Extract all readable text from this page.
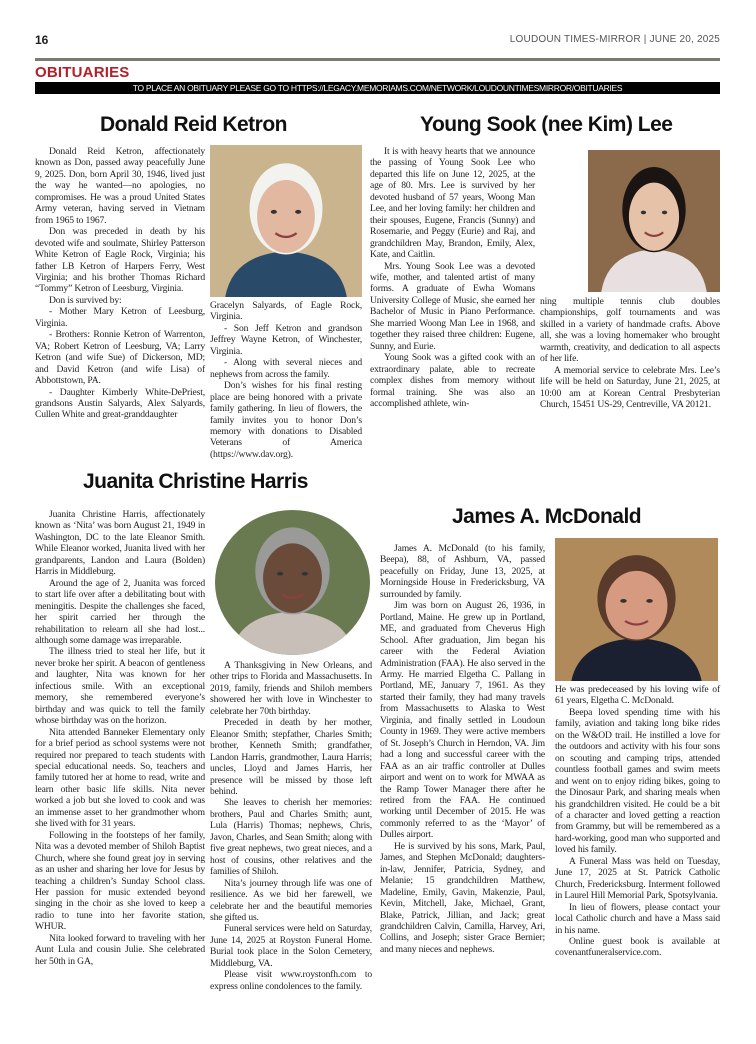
16	LOUDOUN TIMES-MIRROR | JUNE 20, 2025
OBITUARIES
TO PLACE AN OBITUARY PLEASE GO TO HTTPS://LEGACY.MEMORIAMS.COM/NETWORK/LOUDOUNTIMESMIRROR/OBITUARIES
Donald Reid Ketron

Donald Reid Ketron, affectionately known as Don, passed away peacefully June 9, 2025. Don, born April 30, 1946, lived just the way he wanted—no apologies, no compromises. He was a proud United States Army veteran, having served in Vietnam from 1965 to 1967.

Don was preceded in death by his devoted wife and soulmate, Shirley Patterson White Ketron of Eagle Rock, Virginia; his father LB Ketron of Harpers Ferry, West Virginia; and his brother Thomas Richard “Tommy” Ketron of Leesburg, Virginia.

Don is survived by:

- Mother Mary Ketron of Leesburg, Virginia.

- Brothers: Ronnie Ketron of Warrenton, VA; Robert Ketron of Leesburg, VA; Larry Ketron (and wife Sue) of Dickerson, MD; and David Ketron (and wife Lisa) of Abbottstown, PA.

- Daughter Kimberly White-DePriest, grandsons Austin Salyards, Alex Salyards, Cullen White and great-granddaughter

Gracelyn Salyards, of Eagle Rock, Virginia.

- Son Jeff Ketron and grandson Jeffrey Wayne Ketron, of Winchester, Virginia.

- Along with several nieces and nephews from across the family.

Don’s wishes for his final resting place are being honored with a private family gathering. In lieu of flowers, the family invites you to honor Don’s memory with donations to Disabled Veterans of America (https://www.dav.org).

Young Sook (nee Kim) Lee

It is with heavy hearts that we announce the passing of Young Sook Lee who departed this life on June 12, 2025, at the age of 80. Mrs. Lee is survived by her devoted husband of 57 years, Woong Man Lee, and her loving family: her children and their spouses, Eugene, Francis (Sunny) and Rosemarie, and Peggy (Eurie) and Raj, and grandchildren May, Brandon, Emily, Alex, Kate, and Caitlin.

Mrs. Young Sook Lee was a devoted wife, mother, and talented artist of many forms. A graduate of Ewha Womans University College of Music, she earned her Bachelor of Music in Piano Performance. She married Woong Man Lee in 1968, and together they raised three children: Eugene, Sunny, and Eurie.

Young Sook was a gifted cook with an extraordinary palate, able to recreate complex dishes from memory without formal training. She was also an accomplished athlete, win-

ning multiple tennis club doubles championships, golf tournaments and was skilled in a variety of handmade crafts. Above all, she was a loving homemaker who brought warmth, creativity, and dedication to all aspects of her life.

A memorial service to celebrate Mrs. Lee’s life will be held on Saturday, June 21, 2025, at 10:00 am at Korean Central Presbyterian Church, 15451 US-29, Centreville, VA 20121.

Juanita Christine Harris

Juanita Christine Harris, affectionately known as ‘Nita’ was born August 21, 1949 in Washington, DC to the late Eleanor Smith. While Eleanor worked, Juanita lived with her grandparents, Landon and Laura (Bolden) Harris in Middleburg.

Around the age of 2, Juanita was forced to start life over after a debilitating bout with meningitis. Despite the challenges she faced, her spirit carried her through the rehabilitation to relearn all she had lost... although some damage was irreparable.

The illness tried to steal her life, but it never broke her spirit. A beacon of gentleness and laughter, Nita was known for her infectious smile. With an exceptional memory, she remembered everyone’s birthday and was quick to tell the family whose birthday was on the horizon.

Nita attended Banneker Elementary only for a brief period as school systems were not required nor prepared to teach students with special educational needs. So, teachers and family tutored her at home to read, write and learn other basic life skills. Nita never worked a job but she loved to cook and was an immense asset to her grandmother whom she lived with for 31 years.

Following in the footsteps of her family, Nita was a devoted member of Shiloh Baptist Church, where she found great joy in serving as an usher and sharing her love for Jesus by teaching a children’s Sunday School class. Her passion for music extended beyond singing in the choir as she loved to keep a radio to tune into her favorite station, WHUR.

Nita looked forward to traveling with her Aunt Lula and cousin Julie. She celebrated her 50th in GA,

A Thanksgiving in New Orleans, and other trips to Florida and Massachusetts. In 2019, family, friends and Shiloh members showered her with love in Winchester to celebrate her 70th birthday.

Preceded in death by her mother, Eleanor Smith; stepfather, Charles Smith; brother, Kenneth Smith; grandfather, Landon Harris, grandmother, Laura Harris; uncles, Lloyd and James Harris, her presence will be missed by those left behind.

She leaves to cherish her memories: brothers, Paul and Charles Smith; aunt, Lula (Harris) Thomas; nephews, Chris, Javon, Charles, and Sean Smith; along with five great nephews, two great nieces, and a host of cousins, other relatives and the families of Shiloh.

Nita’s journey through life was one of resilience. As we bid her farewell, we celebrate her and the beautiful memories she gifted us.

Funeral services were held on Saturday, June 14, 2025 at Royston Funeral Home. Burial took place in the Solon Cemetery, Middleburg, VA.

Please visit www.roystonfh.com to express online condolences to the family.

James A. McDonald

James A. McDonald (to his family, Beepa), 88, of Ashburn, VA, passed peacefully on Friday, June 13, 2025, at Morningside House in Fredericksburg, VA surrounded by family.

Jim was born on August 26, 1936, in Portland, Maine. He grew up in Portland, ME, and graduated from Cheverus High School. After graduation, Jim began his career with the Federal Aviation Administration (FAA). He also served in the Army. He married Elgetha C. Pallang in Portland, ME, January 7, 1961. As they started their family, they had many travels from Massachusetts to Alaska to West Virginia, and finally settled in Loudoun County in 1969. They were active members of St. Joseph’s Church in Herndon, VA. Jim had a long and successful career with the FAA as an air traffic controller at Dulles airport and went on to work for MWAA as the Ramp Tower Manager there after he retired from the FAA. He continued working until December of 2015. He was commonly referred to as the ‘Mayor’ of Dulles airport.

He is survived by his sons, Mark, Paul, James, and Stephen McDonald; daughters-in-law, Jennifer, Patricia, Sydney, and Melanie; 15 grandchildren Matthew, Madeline, Emily, Gavin, Makenzie, Paul, Kevin, Mitchell, Jake, Michael, Grant, Blake, Patrick, Jillian, and Jack; great grandchildren Calvin, Camilla, Harvey, Ari, Collins, and Joseph; sister Grace Bernier; and many nieces and nephews.

He was predeceased by his loving wife of 61 years, Elgetha C. McDonald.

Beepa loved spending time with his family, aviation and taking long bike rides on the W&OD trail. He instilled a love for the outdoors and activity with his four sons on scouting and camping trips, attended countless football games and swim meets and went on to enjoy riding bikes, going to the Dinosaur Park, and sharing meals when his grandchildren visited. He could be a bit of a character and loved getting a reaction from Grammy, but will be remembered as a hard-working, good man who supported and loved his family.

A Funeral Mass was held on Tuesday, June 17, 2025 at St. Patrick Catholic Church, Fredericksburg. Interment followed in Laurel Hill Memorial Park, Spotsylvania.

In lieu of flowers, please contact your local Catholic church and have a Mass said in his name.

Online guest book is available at covenantfuneralservice.com.
